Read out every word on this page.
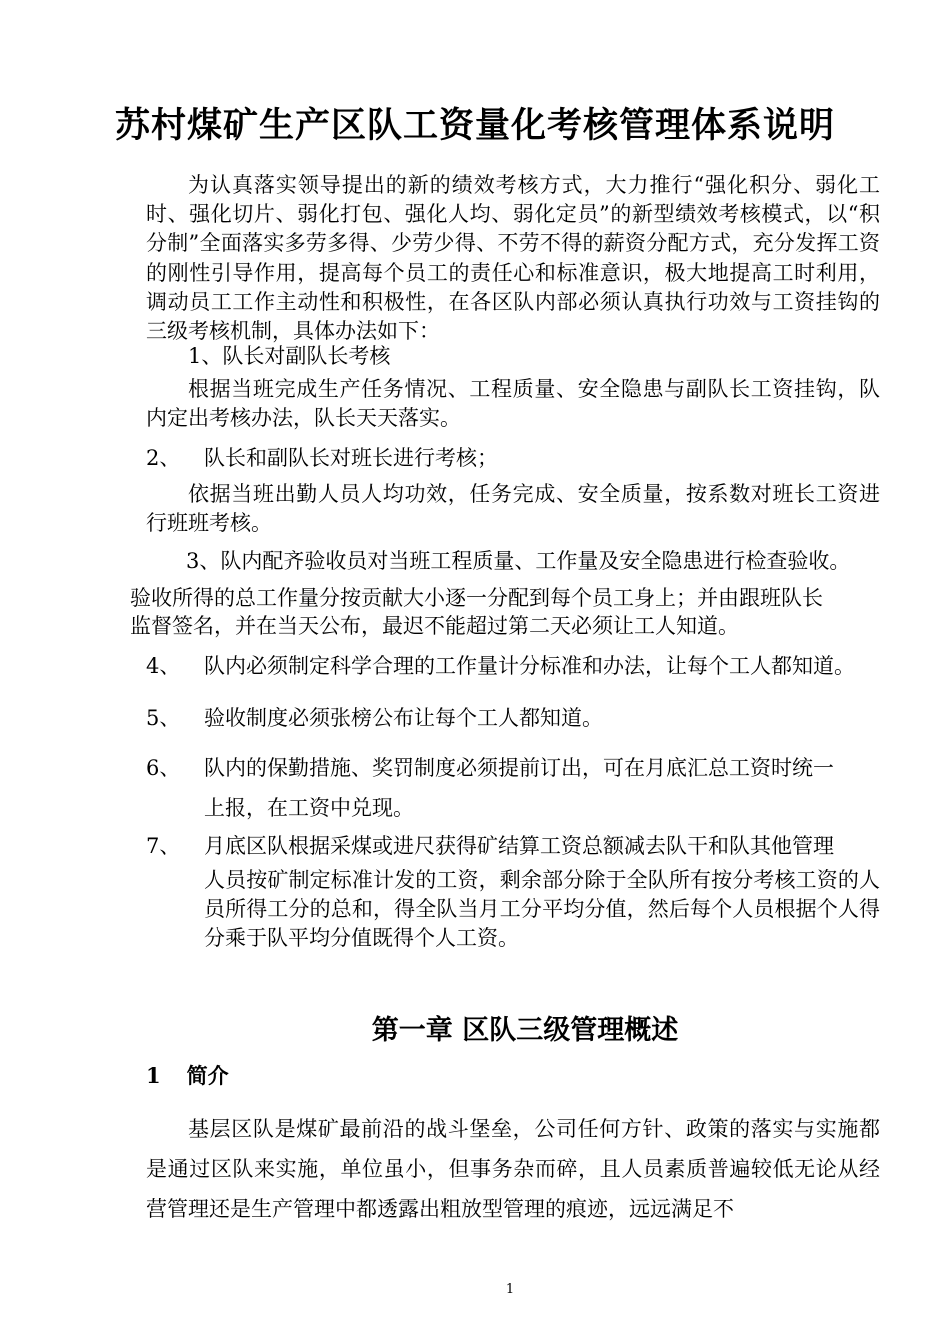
苏村煤矿生产区队工资量化考核管理体系说明

为认真落实领导提出的新的绩效考核方式，大力推行“强化积分、弱化工时、强化切片、弱化打包、强化人均、弱化定员”的新型绩效考核模式，以“积分制”全面落实多劳多得、少劳少得、不劳不得的薪资分配方式，充分发挥工资的刚性引导作用，提高每个员工的责任心和标准意识，极大地提高工时利用，调动员工工作主动性和积极性，在各区队内部必须认真执行功效与工资挂钩的三级考核机制，具体办法如下：

1、队长对副队长考核

根据当班完成生产任务情况、工程质量、安全隐患与副队长工资挂钩，队内定出考核办法，队长天天落实。

2、 队长和副队长对班长进行考核；

依据当班出勤人员人均功效，任务完成、安全质量，按系数对班长工资进行班班考核。

3、队内配齐验收员对当班工程质量、工作量及安全隐患进行检查验收。
验收所得的总工作量分按贡献大小逐一分配到每个员工身上；并由跟班队长
监督签名，并在当天公布，最迟不能超过第二天必须让工人知道。
4、 队内必须制定科学合理的工作量计分标准和办法，让每个工人都知道。
5、 验收制度必须张榜公布让每个工人都知道。
6、 队内的保勤措施、奖罚制度必须提前订出，可在月底汇总工资时统一
上报，在工资中兑现。
7、 月底区队根据采煤或进尺获得矿结算工资总额减去队干和队其他管理

人员按矿制定标准计发的工资，剩余部分除于全队所有按分考核工资的人员所得工分的总和，得全队当月工分平均分值，然后每个人员根据个人得分乘于队平均分值既得个人工资。

第一章 区队三级管理概述
1 简介

基层区队是煤矿最前沿的战斗堡垒，公司任何方针、政策的落实与实施都是通过区队来实施，单位虽小，但事务杂而碎，且人员素质普遍较低无论从经营管理还是生产管理中都透露出粗放型管理的痕迹，远远满足不

1
